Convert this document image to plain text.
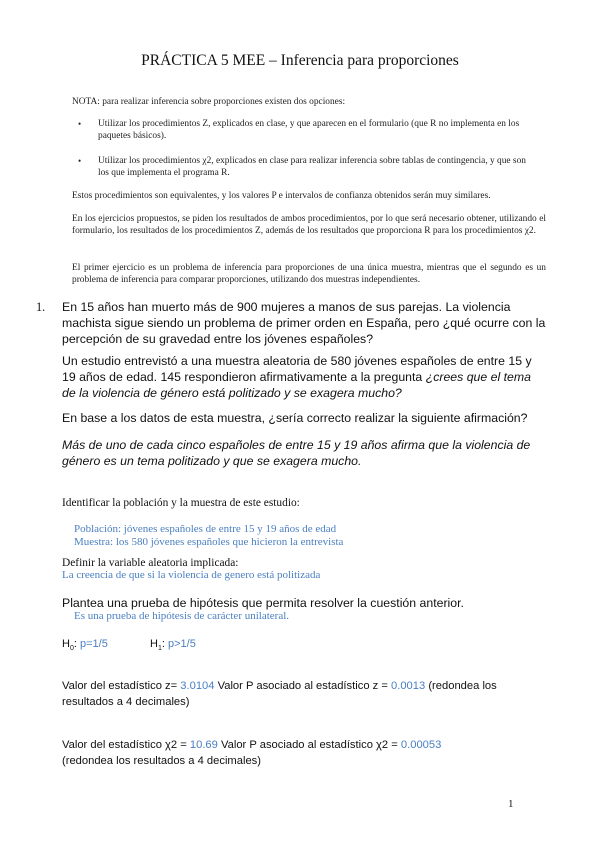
PRÁCTICA 5 MEE – Inferencia para proporciones
NOTA: para realizar inferencia sobre proporciones existen dos opciones:
• Utilizar los procedimientos Z, explicados en clase, y que aparecen en el formulario (que R no implementa en los paquetes básicos).
• Utilizar los procedimientos χ2, explicados en clase para realizar inferencia sobre tablas de contingencia, y que son los que implementa el programa R.
Estos procedimientos son equivalentes, y los valores P e intervalos de confianza obtenidos serán muy similares.
En los ejercicios propuestos, se piden los resultados de ambos procedimientos, por lo que será necesario obtener, utilizando el formulario, los resultados de los procedimientos Z, además de los resultados que proporciona R para los procedimientos χ2.
El primer ejercicio es un problema de inferencia para proporciones de una única muestra, mientras que el segundo es un problema de inferencia para comparar proporciones, utilizando dos muestras independientes.
1. En 15 años han muerto más de 900 mujeres a manos de sus parejas. La violencia machista sigue siendo un problema de primer orden en España, pero ¿qué ocurre con la percepción de su gravedad entre los jóvenes españoles?
Un estudio entrevistó a una muestra aleatoria de 580 jóvenes españoles de entre 15 y 19 años de edad. 145 respondieron afirmativamente a la pregunta ¿crees que el tema de la violencia de género está politizado y se exagera mucho?
En base a los datos de esta muestra, ¿sería correcto realizar la siguiente afirmación?
Más de uno de cada cinco españoles de entre 15 y 19 años afirma que la violencia de género es un tema politizado y que se exagera mucho.
Identificar la población y la muestra de este estudio:
Población: jóvenes españoles de entre 15 y 19 años de edad
Muestra: los 580 jóvenes españoles que hicieron la entrevista
Definir la variable aleatoria implicada:
La creencia de que si la violencia de genero está politizada
Plantea una prueba de hipótesis que permita resolver la cuestión anterior.
Es una prueba de hipótesis de carácter unilateral.
$H_0$: p=1/5	$H_1$: p>1/5
Valor del estadístico z= 3.0104 Valor P asociado al estadístico z = 0.0013 (redondea los resultados a 4 decimales)
Valor del estadístico χ2 = 10.69 Valor P asociado al estadístico χ2 = 0.00053
(redondea los resultados a 4 decimales)
1
